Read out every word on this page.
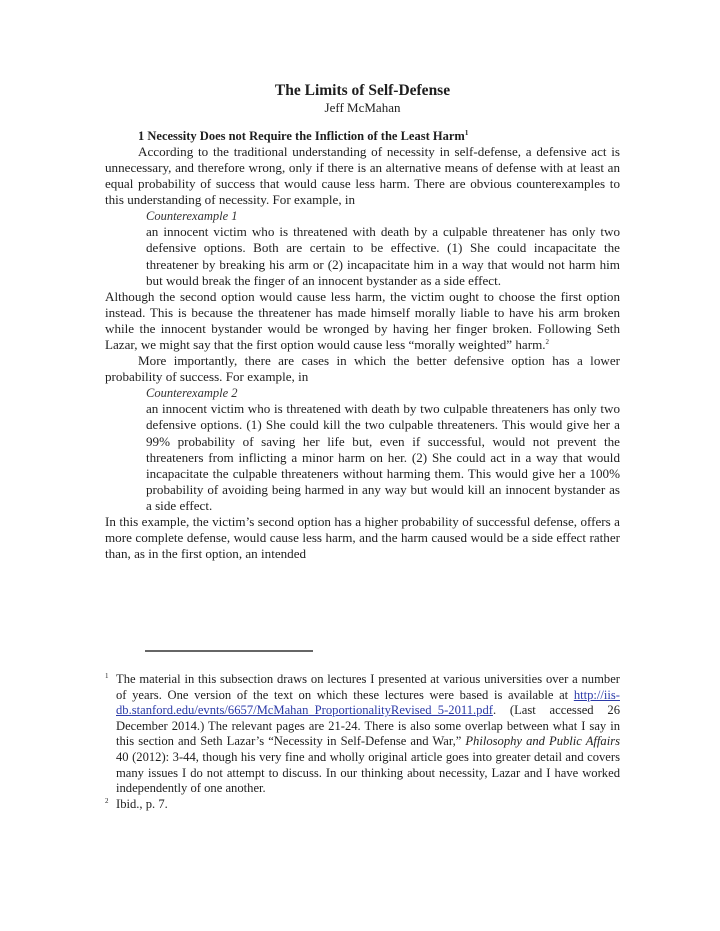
The Limits of Self-Defense

Jeff McMahan

1 Necessity Does not Require the Infliction of the Least Harm$^1$

According to the traditional understanding of necessity in self-defense, a defensive act is unnecessary, and therefore wrong, only if there is an alternative means of defense with at least an equal probability of success that would cause less harm. There are obvious counterexamples to this understanding of necessity. For example, in

Counterexample 1

an innocent victim who is threatened with death by a culpable threatener has only two defensive options. Both are certain to be effective. (1) She could incapacitate the threatener by breaking his arm or (2) incapacitate him in a way that would not harm him but would break the finger of an innocent bystander as a side effect.

Although the second option would cause less harm, the victim ought to choose the first option instead. This is because the threatener has made himself morally liable to have his arm broken while the innocent bystander would be wronged by having her finger broken. Following Seth Lazar, we might say that the first option would cause less “morally weighted” harm.$^2$

More importantly, there are cases in which the better defensive option has a lower probability of success. For example, in

Counterexample 2

an innocent victim who is threatened with death by two culpable threateners has only two defensive options. (1) She could kill the two culpable threateners. This would give her a 99% probability of saving her life but, even if successful, would not prevent the threateners from inflicting a minor harm on her. (2) She could act in a way that would incapacitate the culpable threateners without harming them. This would give her a 100% probability of avoiding being harmed in any way but would kill an innocent bystander as a side effect.

In this example, the victim’s second option has a higher probability of successful defense, offers a more complete defense, would cause less harm, and the harm caused would be a side effect rather than, as in the first option, an intended

$^1$ The material in this subsection draws on lectures I presented at various universities over a number of years. One version of the text on which these lectures were based is available at http://iis-db.stanford.edu/evnts/6657/McMahan_ProportionalityRevised_5-2011.pdf. (Last accessed 26 December 2014.) The relevant pages are 21-24. There is also some overlap between what I say in this section and Seth Lazar’s “Necessity in Self-Defense and War,” Philosophy and Public Affairs 40 (2012): 3-44, though his very fine and wholly original article goes into greater detail and covers many issues I do not attempt to discuss. In our thinking about necessity, Lazar and I have worked independently of one another.

$^2$ Ibid., p. 7.
